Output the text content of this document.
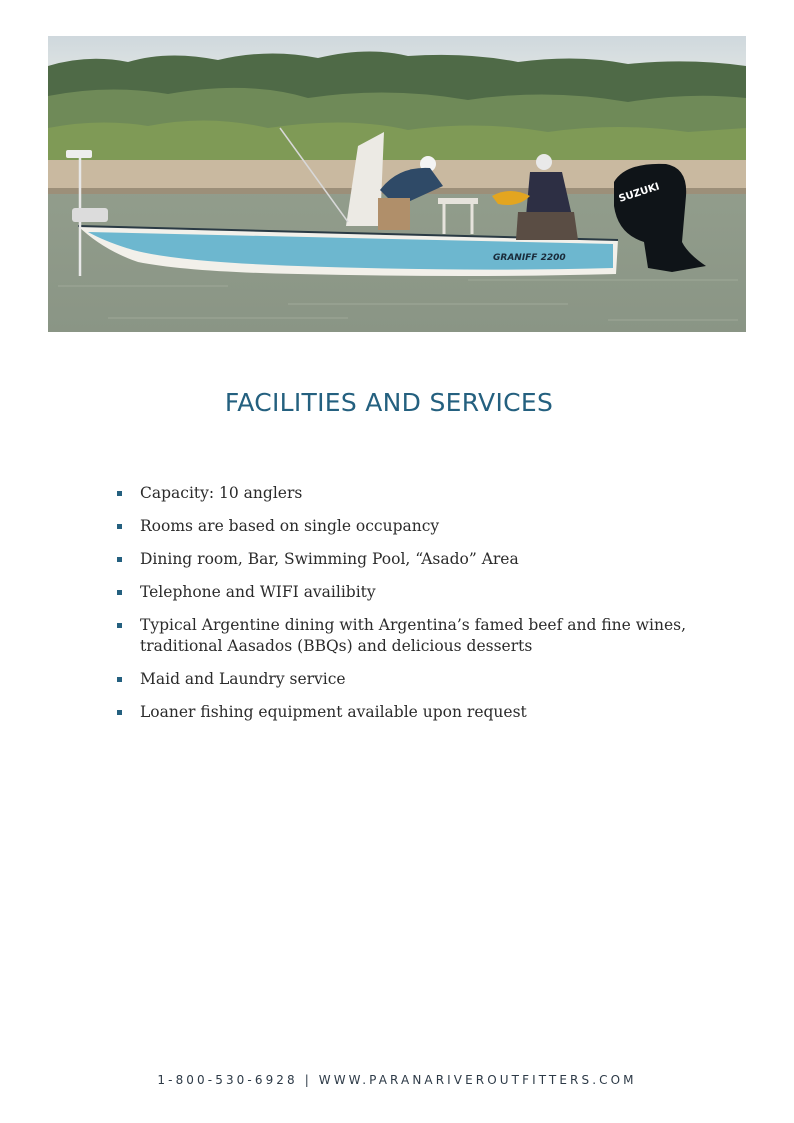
GRANIFF 2200
SUZUKI
FACILITIES AND SERVICES
Capacity: 10 anglers
Rooms are based on single occupancy
Dining room, Bar, Swimming Pool, “Asado” Area
Telephone and WIFI availibity
Typical Argentine dining with Argentina’s famed beef and fine wines, traditional Aasados (BBQs) and delicious desserts
Maid and Laundry service
Loaner fishing equipment available upon request
1-800-530-6928 | WWW.PARANARIVEROUTFITTERS.COM
